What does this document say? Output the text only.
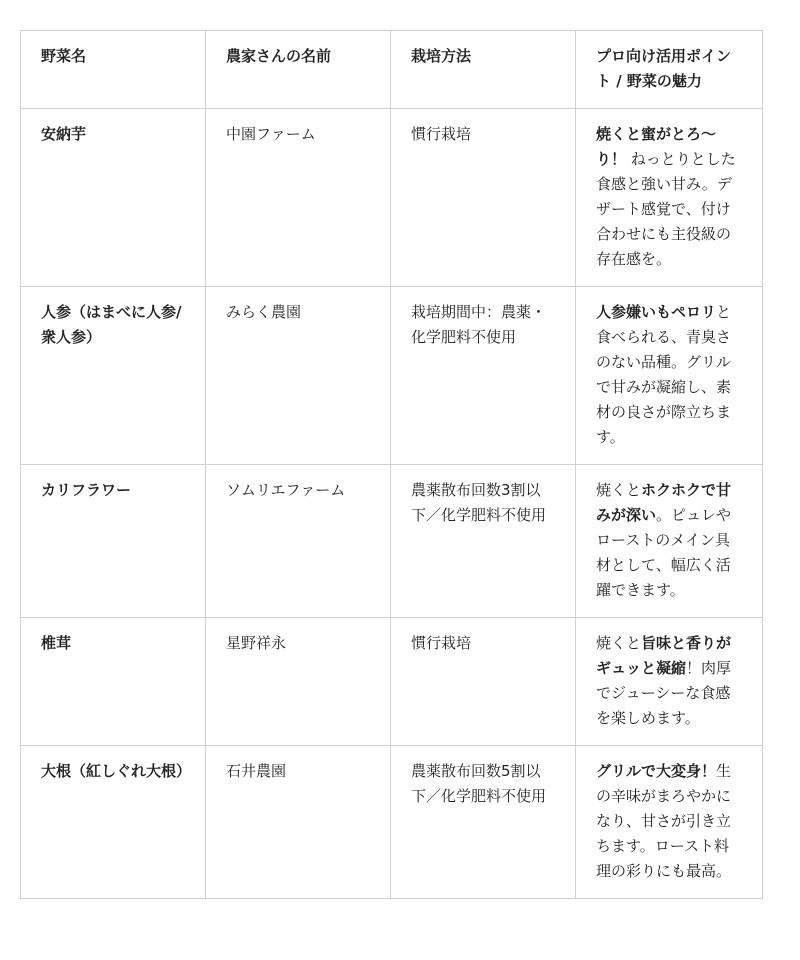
野菜名	農家さんの名前	栽培方法	プロ向け活用ポイント / 野菜の魅力
安納芋	中園ファーム	慣行栽培	焼くと蜜がとろ〜り！ ねっとりとした食感と強い甘み。デザート感覚で、付け合わせにも主役級の存在感を。
人参（はまべに人参/衆人参）	みらく農園	栽培期間中：農薬・化学肥料不使用	人参嫌いもペロリと食べられる、青臭さのない品種。グリルで甘みが凝縮し、素材の良さが際立ちます。
カリフラワー	ソムリエファーム	農薬散布回数3割以下／化学肥料不使用	焼くとホクホクで甘みが深い。ピュレやローストのメイン具材として、幅広く活躍できます。
椎茸	星野祥永	慣行栽培	焼くと旨味と香りがギュッと凝縮！肉厚でジューシーな食感を楽しめます。
大根（紅しぐれ大根）	石井農園	農薬散布回数5割以下／化学肥料不使用	グリルで大変身！生の辛味がまろやかになり、甘さが引き立ちます。ロースト料理の彩りにも最高。
